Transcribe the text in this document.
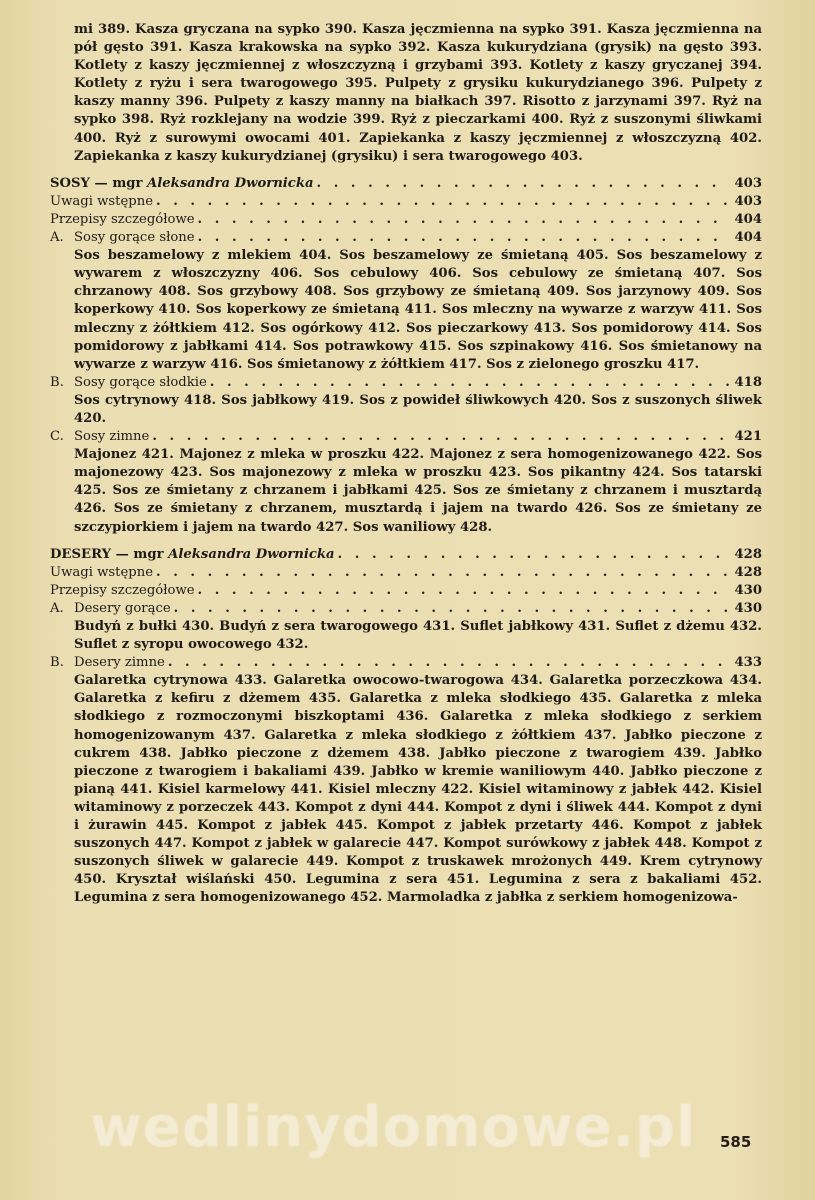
mi 389. Kasza gryczana na sypko 390. Kasza jęczmienna na sypko 391. Kasza jęczmienna na pół gęsto 391. Kasza krakowska na sypko 392. Kasza kukurydziana (grysik) na gęsto 393. Kotlety z kaszy jęczmiennej z włoszczyzną i grzybami 393. Kotlety z kaszy gryczanej 394. Kotlety z ryżu i sera twarogowego 395. Pulpety z grysiku kukurydzianego 396. Pulpety z kaszy manny 396. Pulpety z kaszy manny na białkach 397. Risotto z jarzynami 397. Ryż na sypko 398. Ryż rozklejany na wodzie 399. Ryż z pieczarkami 400. Ryż z suszonymi śliwkami 400. Ryż z surowymi owocami 401. Zapiekanka z kaszy jęczmiennej z włoszczyzną 402. Zapiekanka z kaszy kukurydzianej (grysiku) i sera twarogowego 403.

SOSY — mgr Aleksandra Dwornicka . . .	403
Uwagi wstępne . . .	403
Przepisy szczegółowe . . .	404
A. Sosy gorące słone . . .	404

Sos beszamelowy z mlekiem 404. Sos beszamelowy ze śmietaną 405. Sos beszamelowy z wywarem z włoszczyzny 406. Sos cebulowy 406. Sos cebulowy ze śmietaną 407. Sos chrzanowy 408. Sos grzybowy 408. Sos grzybowy ze śmietaną 409. Sos jarzynowy 409. Sos koperkowy 410. Sos koperkowy ze śmietaną 411. Sos mleczny na wywarze z warzyw 411. Sos mleczny z żółtkiem 412. Sos ogórkowy 412. Sos pieczarkowy 413. Sos pomidorowy 414. Sos pomidorowy z jabłkami 414. Sos potrawkowy 415. Sos szpinakowy 416. Sos śmietanowy na wywarze z warzyw 416. Sos śmietanowy z żółtkiem 417. Sos z zielonego groszku 417.

B. Sosy gorące słodkie . . .	418

Sos cytrynowy 418. Sos jabłkowy 419. Sos z powideł śliwkowych 420. Sos z suszonych śliwek 420.

C. Sosy zimne . . .	421

Majonez 421. Majonez z mleka w proszku 422. Majonez z sera homogenizowanego 422. Sos majonezowy 423. Sos majonezowy z mleka w proszku 423. Sos pikantny 424. Sos tatarski 425. Sos ze śmietany z chrzanem i jabłkami 425. Sos ze śmietany z chrzanem i musztardą 426. Sos ze śmietany z chrzanem, musztardą i jajem na twardo 426. Sos ze śmietany ze szczypiorkiem i jajem na twardo 427. Sos waniliowy 428.

DESERY — mgr Aleksandra Dwornicka . . .	428
Uwagi wstępne . . .	428
Przepisy szczegółowe . . .	430
A. Desery gorące . . .	430

Budyń z bułki 430. Budyń z sera twarogowego 431. Suflet jabłkowy 431. Suflet z dżemu 432. Suflet z syropu owocowego 432.

B. Desery zimne . . .	433

Galaretka cytrynowa 433. Galaretka owocowo-twarogowa 434. Galaretka porzeczkowa 434. Galaretka z kefiru z dżemem 435. Galaretka z mleka słodkiego 435. Galaretka z mleka słodkiego z rozmoczonymi biszkoptami 436. Galaretka z mleka słodkiego z serkiem homogenizowanym 437. Galaretka z mleka słodkiego z żółtkiem 437. Jabłko pieczone z cukrem 438. Jabłko pieczone z dżemem 438. Jabłko pieczone z twarogiem 439. Jabłko pieczone z twarogiem i bakaliami 439. Jabłko w kremie waniliowym 440. Jabłko pieczone z pianą 441. Kisiel karmelowy 441. Kisiel mleczny 422. Kisiel witaminowy z jabłek 442. Kisiel witaminowy z porzeczek 443. Kompot z dyni 444. Kompot z dyni i śliwek 444. Kompot z dyni i żurawin 445. Kompot z jabłek 445. Kompot z jabłek przetarty 446. Kompot z jabłek suszonych 447. Kompot z jabłek w galarecie 447. Kompot surówkowy z jabłek 448. Kompot z suszonych śliwek w galarecie 449. Kompot z truskawek mrożonych 449. Krem cytrynowy 450. Kryształ wiślański 450. Legumina z sera 451. Legumina z sera z bakaliami 452. Legumina z sera homogenizowanego 452. Marmoladka z jabłka z serkiem homogenizowa-

wedlinydomowe.pl	585
